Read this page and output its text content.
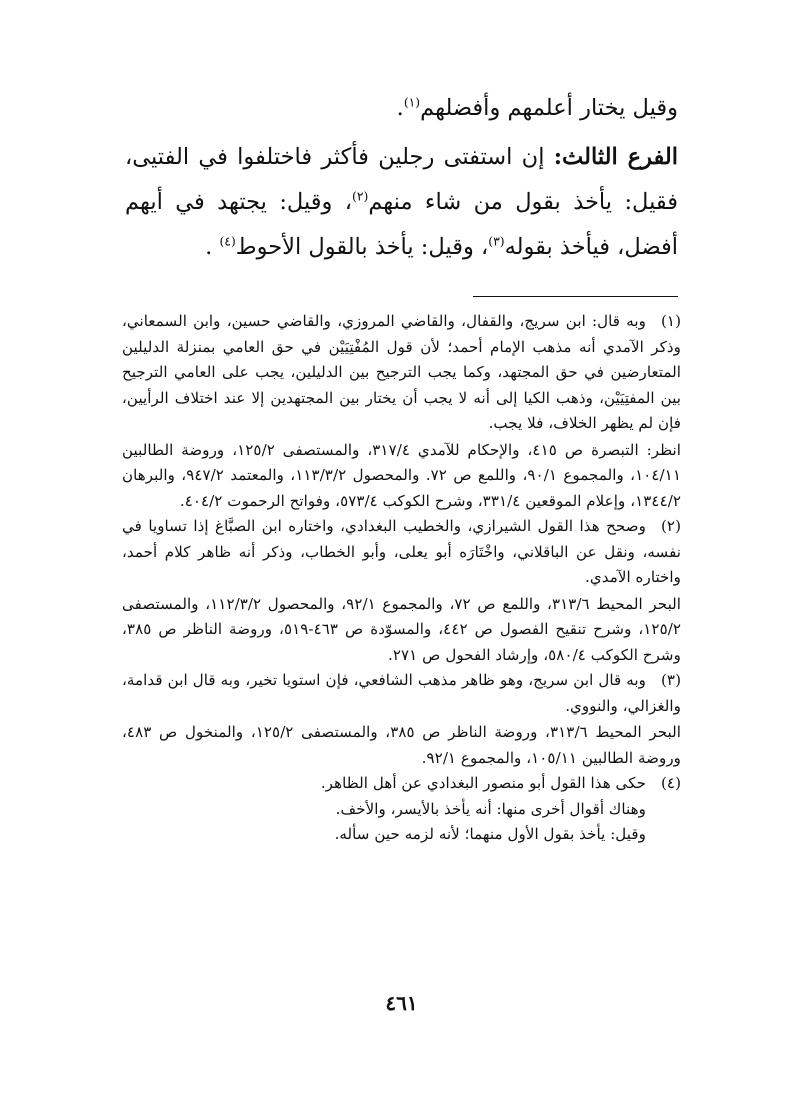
وقيل يختار أعلمهم وأفضلهم$^{(١)}$.

الفرع الثالث: إن استفتى رجلين فأكثر فاختلفوا في الفتيى، فقيل: يأخذ بقول من شاء منهم$^{(٢)}$، وقيل: يجتهد في أيهم أفضل، فيأخذ بقوله$^{(٣)}$، وقيل: يأخذ بالقول الأحوط$^{(٤)}$ .

(١)وبه قال: ابن سريج، والقفال، والقاضي المروزي، والقاضي حسين، وابن السمعاني، وذكر الآمدي أنه مذهب الإمام أحمد؛ لأن قول المُفْتِيَيْن في حق العامي بمنزلة الدليلين المتعارضين في حق المجتهد، وكما يجب الترجيح بين الدليلين، يجب على العامي الترجيح بين المفتِيَيْن، وذهب الكيا إلى أنه لا يجب أن يختار بين المجتهدين إلا عند اختلاف الرأيين، فإن لم يظهر الخلاف، فلا يجب.

انظر: التبصرة ص ٤١٥، والإحكام للآمدي ٣١٧/٤، والمستصفى ١٢٥/٢، وروضة الطالبين ١٠٤/١١، والمجموع ٩٠/١، واللمع ص ٧٢. والمحصول ١١٣/٣/٢، والمعتمد ٩٤٧/٢، والبرهان ١٣٤٤/٢، وإعلام الموقعين ٣٣١/٤، وشرح الكوكب ٥٧٣/٤، وفواتح الرحموت ٤٠٤/٢.

(٢)وصحح هذا القول الشيرازي، والخطيب البغدادي، واختاره ابن الصبَّاغ إذا تساويا في نفسه، ونقل عن الباقلاني، واخْتَارَه أبو يعلى، وأبو الخطاب، وذكر أنه ظاهر كلام أحمد، واختاره الآمدي.

البحر المحيط ٣١٣/٦، واللمع ص ٧٢، والمجموع ٩٢/١، والمحصول ١١٢/٣/٢، والمستصفى ١٢٥/٢، وشرح تنقيح الفصول ص ٤٤٢، والمسوّدة ص ٤٦٣-٥١٩، وروضة الناظر ص ٣٨٥، وشرح الكوكب ٥٨٠/٤، وإرشاد الفحول ص ٢٧١.

(٣)وبه قال ابن سريج، وهو ظاهر مذهب الشافعي، فإن استويا تخير، وبه قال ابن قدامة، والغزالي، والنووي.

البحر المحيط ٣١٣/٦، وروضة الناظر ص ٣٨٥، والمستصفى ١٢٥/٢، والمنخول ص ٤٨٣، وروضة الطالبين ١٠٥/١١، والمجموع ٩٢/١.

(٤)حكى هذا القول أبو منصور البغدادي عن أهل الظاهر.

وهناك أقوال أخرى منها: أنه يأخذ بالأيسر، والأخف.

وقيل: يأخذ بقول الأول منهما؛ لأنه لزمه حين سأله.

٤٦١
